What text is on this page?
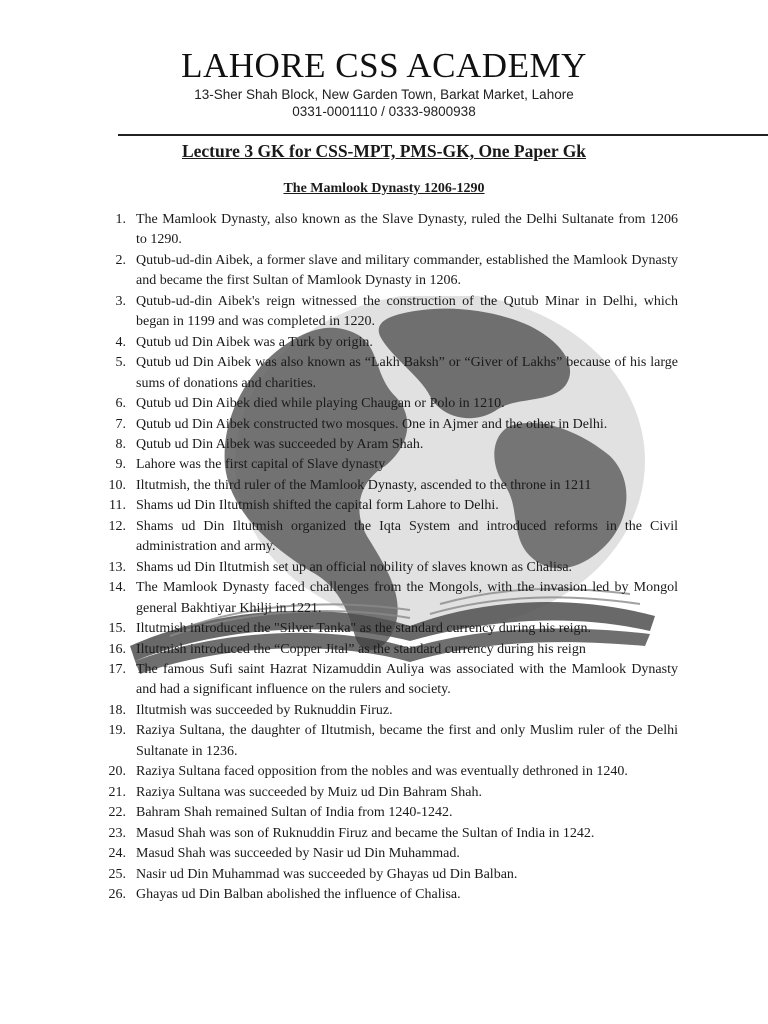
LAHORE CSS ACADEMY
13-Sher Shah Block, New Garden Town, Barkat Market, Lahore
0331-0001110 / 0333-9800938
Lecture 3 GK for CSS-MPT, PMS-GK, One Paper Gk
The Mamlook Dynasty 1206-1290
1. The Mamlook Dynasty, also known as the Slave Dynasty, ruled the Delhi Sultanate from 1206 to 1290.
2. Qutub-ud-din Aibek, a former slave and military commander, established the Mamlook Dynasty and became the first Sultan of Mamlook Dynasty in 1206.
3. Qutub-ud-din Aibek's reign witnessed the construction of the Qutub Minar in Delhi, which began in 1199 and was completed in 1220.
4. Qutub ud Din Aibek was a Turk by origin.
5. Qutub ud Din Aibek was also known as “Lakh Baksh” or “Giver of Lakhs” because of his large sums of donations and charities.
6. Qutub ud Din Aibek died while playing Chaugan or Polo in 1210.
7. Qutub ud Din Aibek constructed two mosques. One in Ajmer and the other in Delhi.
8. Qutub ud Din Aibek was succeeded by Aram Shah.
9. Lahore was the first capital of Slave dynasty
10. Iltutmish, the third ruler of the Mamlook Dynasty, ascended to the throne in 1211
11. Shams ud Din Iltutmish shifted the capital form Lahore to Delhi.
12. Shams ud Din Iltutmish organized the Iqta System and introduced reforms in the Civil administration and army.
13. Shams ud Din Iltutmish set up an official nobility of slaves known as Chalisa.
14. The Mamlook Dynasty faced challenges from the Mongols, with the invasion led by Mongol general Bakhtiyar Khilji in 1221.
15. Iltutmish introduced the "Silver Tanka" as the standard currency during his reign.
16. Iltutmish introduced the “Copper Jital” as the standard currency during his reign
17. The famous Sufi saint Hazrat Nizamuddin Auliya was associated with the Mamlook Dynasty and had a significant influence on the rulers and society.
18. Iltutmish was succeeded by Ruknuddin Firuz.
19. Raziya Sultana, the daughter of Iltutmish, became the first and only Muslim ruler of the Delhi Sultanate in 1236.
20. Raziya Sultana faced opposition from the nobles and was eventually dethroned in 1240.
21. Raziya Sultana was succeeded by Muiz ud Din Bahram Shah.
22. Bahram Shah remained Sultan of India from 1240-1242.
23. Masud Shah was son of Ruknuddin Firuz and became the Sultan of India in 1242.
24. Masud Shah was succeeded by Nasir ud Din Muhammad.
25. Nasir ud Din Muhammad was succeeded by Ghayas ud Din Balban.
26. Ghayas ud Din Balban abolished the influence of Chalisa.
